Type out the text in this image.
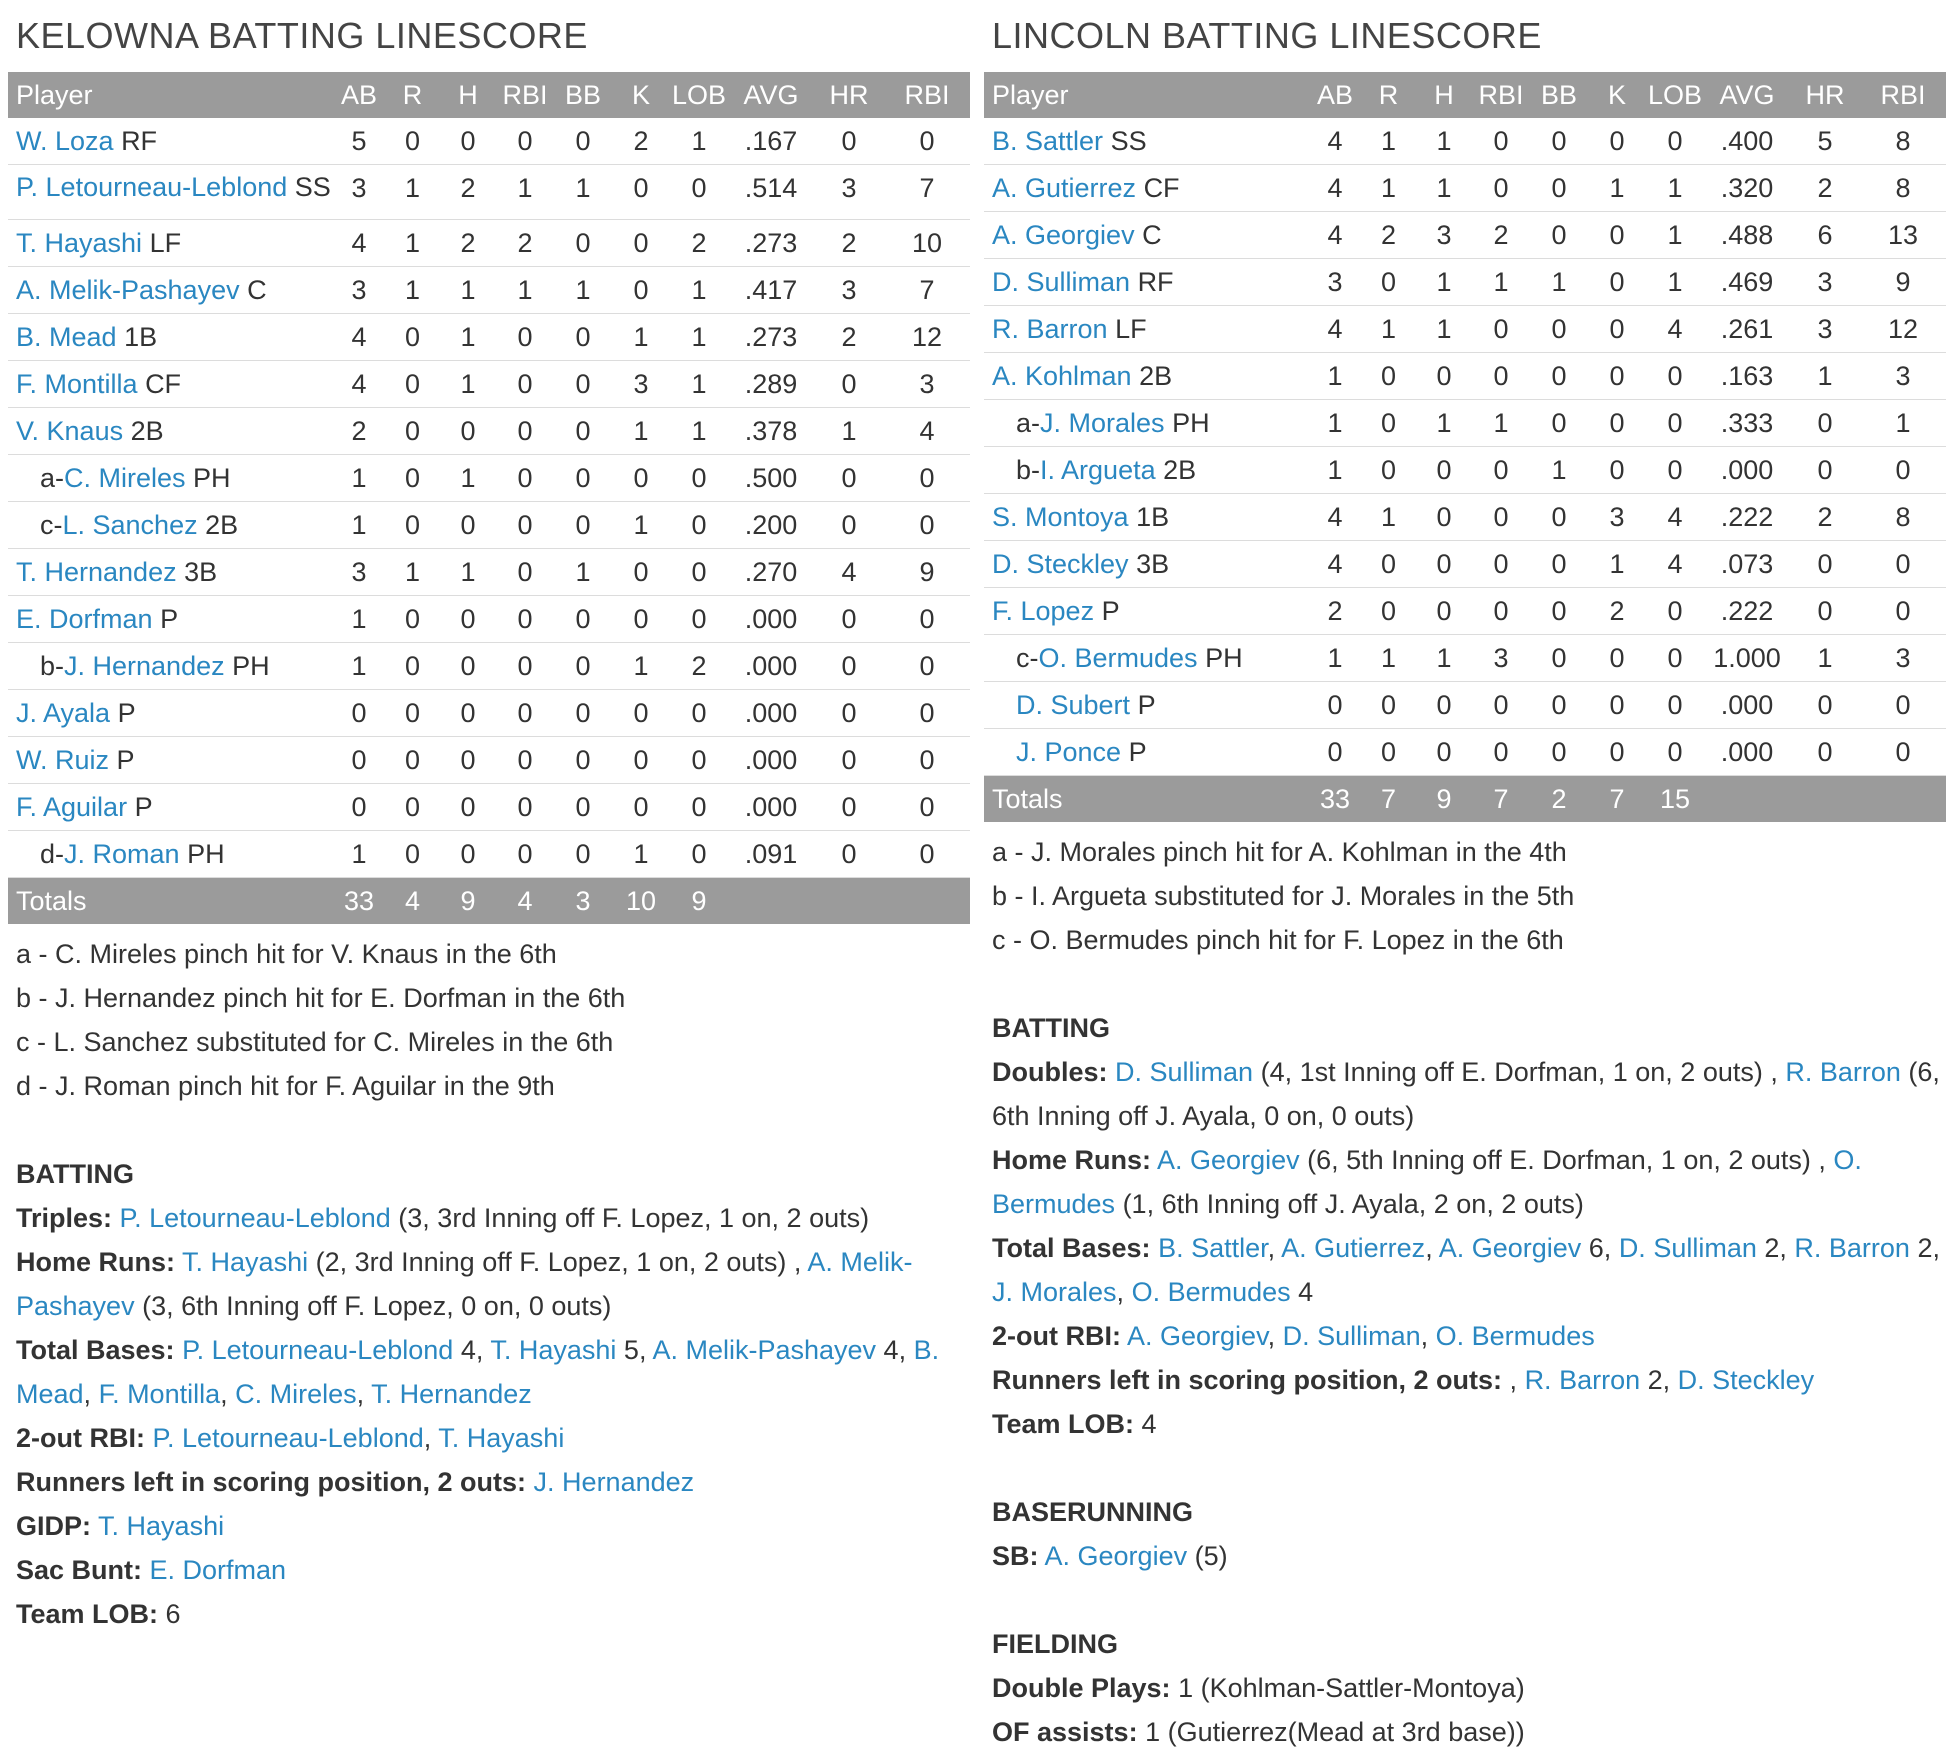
KELOWNA BATTING LINESCORE
Player	AB	R	H	RBI	BB	K	LOB	AVG	HR	RBI
W. Loza RF	5	0	0	0	0	2	1	.167	0	0
P. Letourneau-Leblond SS	3	1	2	1	1	0	0	.514	3	7
T. Hayashi LF	4	1	2	2	0	0	2	.273	2	10
A. Melik-Pashayev C	3	1	1	1	1	0	1	.417	3	7
B. Mead 1B	4	0	1	0	0	1	1	.273	2	12
F. Montilla CF	4	0	1	0	0	3	1	.289	0	3
V. Knaus 2B	2	0	0	0	0	1	1	.378	1	4
a-C. Mireles PH	1	0	1	0	0	0	0	.500	0	0
c-L. Sanchez 2B	1	0	0	0	0	1	0	.200	0	0
T. Hernandez 3B	3	1	1	0	1	0	0	.270	4	9
E. Dorfman P	1	0	0	0	0	0	0	.000	0	0
b-J. Hernandez PH	1	0	0	0	0	1	2	.000	0	0
J. Ayala P	0	0	0	0	0	0	0	.000	0	0
W. Ruiz P	0	0	0	0	0	0	0	.000	0	0
F. Aguilar P	0	0	0	0	0	0	0	.000	0	0
d-J. Roman PH	1	0	0	0	0	1	0	.091	0	0
Totals	33	4	9	4	3	10	9			
a - C. Mireles pinch hit for V. Knaus in the 6th
b - J. Hernandez pinch hit for E. Dorfman in the 6th
c - L. Sanchez substituted for C. Mireles in the 6th
d - J. Roman pinch hit for F. Aguilar in the 9th
BATTING
Triples: P. Letourneau-Leblond (3, 3rd Inning off F. Lopez, 1 on, 2 outs)
Home Runs: T. Hayashi (2, 3rd Inning off F. Lopez, 1 on, 2 outs) , A. Melik-Pashayev (3, 6th Inning off F. Lopez, 0 on, 0 outs)
Total Bases: P. Letourneau-Leblond 4, T. Hayashi 5, A. Melik-Pashayev 4, B. Mead, F. Montilla, C. Mireles, T. Hernandez
2-out RBI: P. Letourneau-Leblond, T. Hayashi
Runners left in scoring position, 2 outs: J. Hernandez
GIDP: T. Hayashi
Sac Bunt: E. Dorfman
Team LOB: 6
LINCOLN BATTING LINESCORE
Player	AB	R	H	RBI	BB	K	LOB	AVG	HR	RBI
B. Sattler SS	4	1	1	0	0	0	0	.400	5	8
A. Gutierrez CF	4	1	1	0	0	1	1	.320	2	8
A. Georgiev C	4	2	3	2	0	0	1	.488	6	13
D. Sulliman RF	3	0	1	1	1	0	1	.469	3	9
R. Barron LF	4	1	1	0	0	0	4	.261	3	12
A. Kohlman 2B	1	0	0	0	0	0	0	.163	1	3
a-J. Morales PH	1	0	1	1	0	0	0	.333	0	1
b-I. Argueta 2B	1	0	0	0	1	0	0	.000	0	0
S. Montoya 1B	4	1	0	0	0	3	4	.222	2	8
D. Steckley 3B	4	0	0	0	0	1	4	.073	0	0
F. Lopez P	2	0	0	0	0	2	0	.222	0	0
c-O. Bermudes PH	1	1	1	3	0	0	0	1.000	1	3
D. Subert P	0	0	0	0	0	0	0	.000	0	0
J. Ponce P	0	0	0	0	0	0	0	.000	0	0
Totals	33	7	9	7	2	7	15			
a - J. Morales pinch hit for A. Kohlman in the 4th
b - I. Argueta substituted for J. Morales in the 5th
c - O. Bermudes pinch hit for F. Lopez in the 6th
BATTING
Doubles: D. Sulliman (4, 1st Inning off E. Dorfman, 1 on, 2 outs) , R. Barron (6, 6th Inning off J. Ayala, 0 on, 0 outs)
Home Runs: A. Georgiev (6, 5th Inning off E. Dorfman, 1 on, 2 outs) , O. Bermudes (1, 6th Inning off J. Ayala, 2 on, 2 outs)
Total Bases: B. Sattler, A. Gutierrez, A. Georgiev 6, D. Sulliman 2, R. Barron 2, J. Morales, O. Bermudes 4
2-out RBI: A. Georgiev, D. Sulliman, O. Bermudes
Runners left in scoring position, 2 outs: , R. Barron 2, D. Steckley
Team LOB: 4
BASERUNNING
SB: A. Georgiev (5)
FIELDING
Double Plays: 1 (Kohlman-Sattler-Montoya)
OF assists: 1 (Gutierrez(Mead at 3rd base))
